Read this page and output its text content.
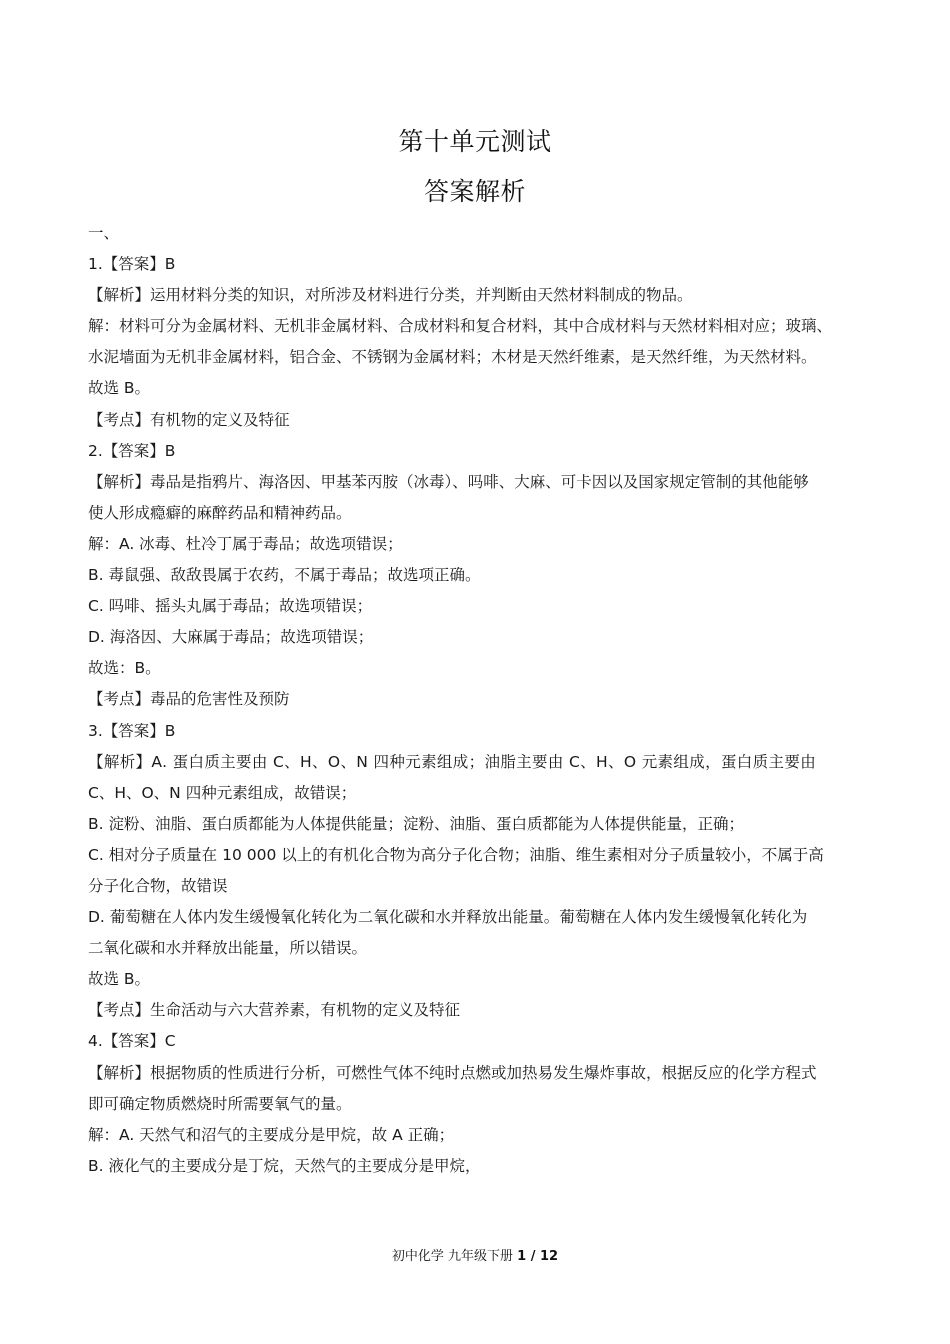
第十单元测试
答案解析
一、
1.【答案】B
【解析】运用材料分类的知识，对所涉及材料进行分类，并判断由天然材料制成的物品。
解：材料可分为金属材料、无机非金属材料、合成材料和复合材料，其中合成材料与天然材料相对应；玻璃、
水泥墙面为无机非金属材料，铝合金、不锈钢为金属材料；木材是天然纤维素，是天然纤维，为天然材料。
故选 B。
【考点】有机物的定义及特征
2.【答案】B
【解析】毒品是指鸦片、海洛因、甲基苯丙胺（冰毒）、吗啡、大麻、可卡因以及国家规定管制的其他能够
使人形成瘾癖的麻醉药品和精神药品。
解：A. 冰毒、杜冷丁属于毒品；故选项错误；
B. 毒鼠强、敌敌畏属于农药，不属于毒品；故选项正确。
C. 吗啡、摇头丸属于毒品；故选项错误；
D. 海洛因、大麻属于毒品；故选项错误；
故选：B。
【考点】毒品的危害性及预防
3.【答案】B
【解析】A. 蛋白质主要由 C、H、O、N 四种元素组成；油脂主要由 C、H、O 元素组成，蛋白质主要由
C、H、O、N 四种元素组成，故错误；
B. 淀粉、油脂、蛋白质都能为人体提供能量；淀粉、油脂、蛋白质都能为人体提供能量，正确；
C. 相对分子质量在 10 000 以上的有机化合物为高分子化合物；油脂、维生素相对分子质量较小，不属于高
分子化合物，故错误
D. 葡萄糖在人体内发生缓慢氧化转化为二氧化碳和水并释放出能量。葡萄糖在人体内发生缓慢氧化转化为
二氧化碳和水并释放出能量，所以错误。
故选 B。
【考点】生命活动与六大营养素，有机物的定义及特征
4.【答案】C
【解析】根据物质的性质进行分析，可燃性气体不纯时点燃或加热易发生爆炸事故，根据反应的化学方程式
即可确定物质燃烧时所需要氧气的量。
解：A. 天然气和沼气的主要成分是甲烷，故 A 正确；
B. 液化气的主要成分是丁烷，天然气的主要成分是甲烷，
初中化学 九年级下册 1 / 12
